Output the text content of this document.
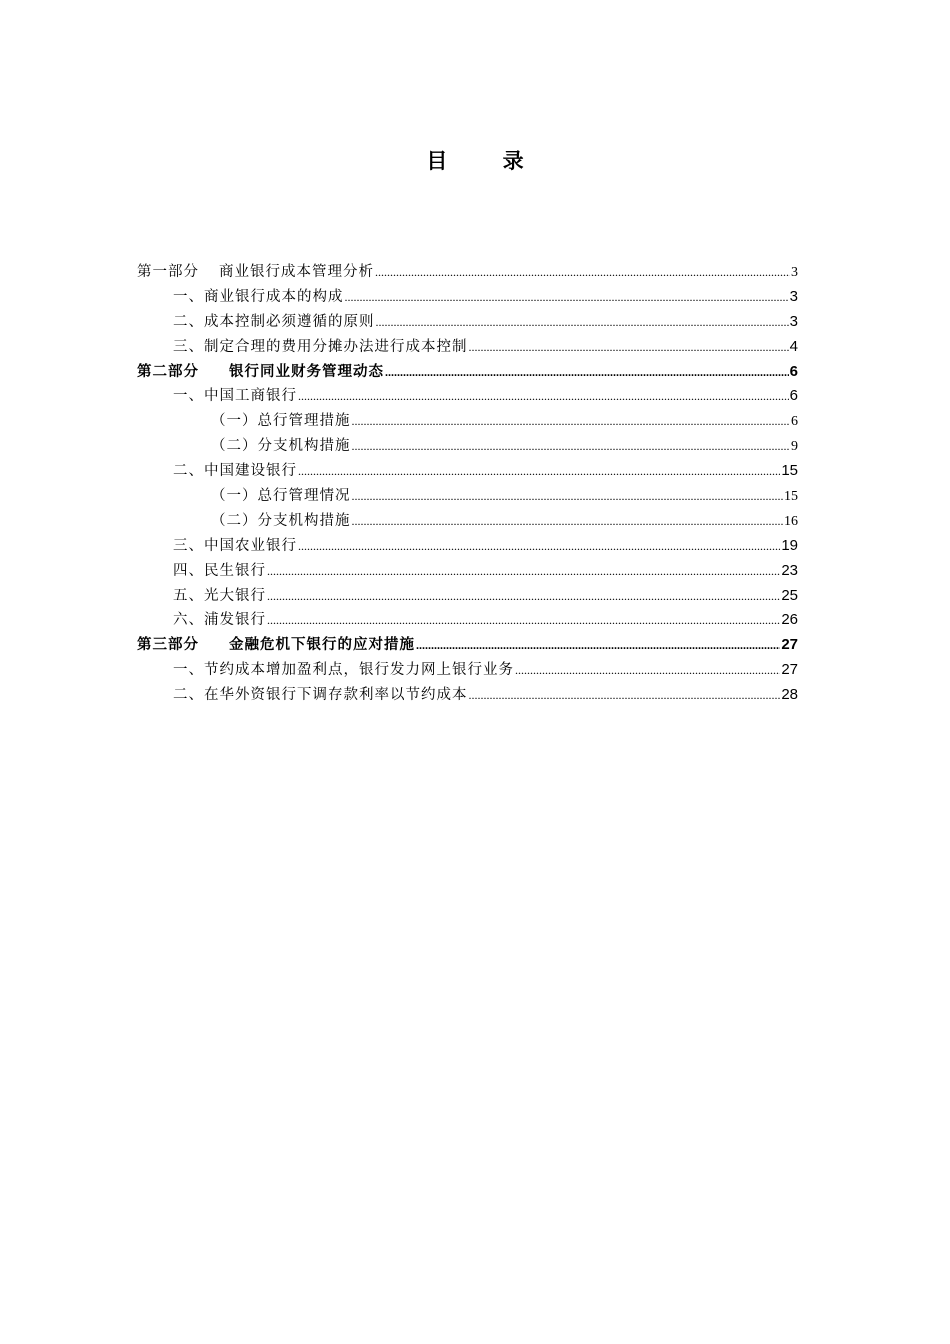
目 录
第一部分 商业银行成本管理分析 .....	3
一、商业银行成本的构成 .....	3
二、成本控制必须遵循的原则 .....	3
三、制定合理的费用分摊办法进行成本控制 .....	4
第二部分 银行同业财务管理动态 .....	6
一、中国工商银行 .....	6
（一）总行管理措施 .....	6
（二）分支机构措施 .....	9
二、中国建设银行 .....	15
（一）总行管理情况 .....	15
（二）分支机构措施 .....	16
三、中国农业银行 .....	19
四、民生银行 .....	23
五、光大银行 .....	25
六、浦发银行 .....	26
第三部分 金融危机下银行的应对措施 .....	27
一、节约成本增加盈利点，银行发力网上银行业务 .....	27
二、在华外资银行下调存款利率以节约成本 .....	28
